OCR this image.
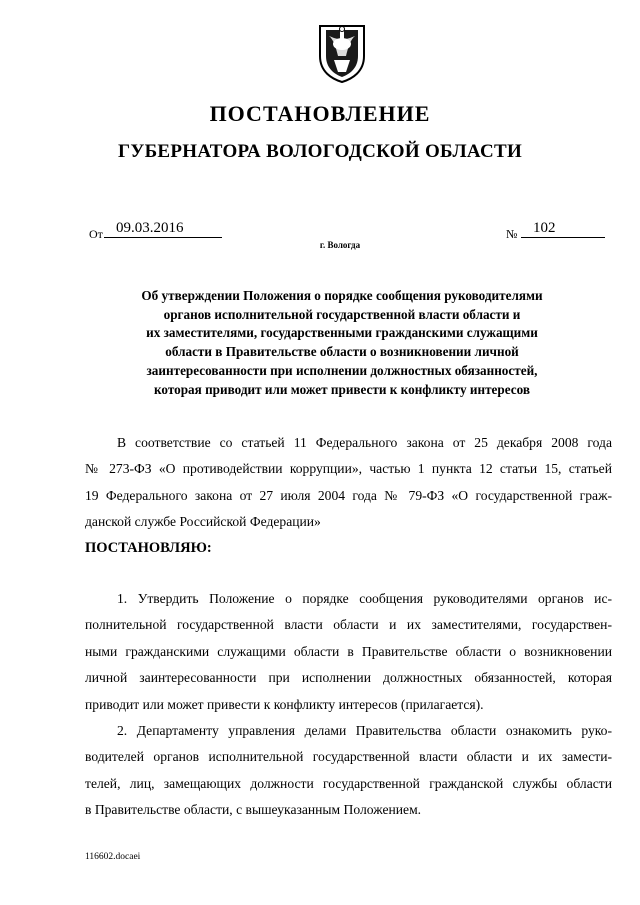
ПОСТАНОВЛЕНИЕ
ГУБЕРНАТОРА ВОЛОГОДСКОЙ ОБЛАСТИ
От 09.03.2016	№	102
г. Вологда
Об утверждении Положения о порядке сообщения руководителями
органов исполнительной государственной власти области и
их заместителями, государственными гражданскими служащими
области в Правительстве области о возникновении личной
заинтересованности при исполнении должностных обязанностей,
которая приводит или может привести к конфликту интересов
В соответствие со статьей 11 Федерального закона от 25 декабря 2008 года
№ 273-ФЗ «О противодействии коррупции», частью 1 пункта 12 статьи 15, статьей
19 Федерального закона от 27 июля 2004 года № 79-ФЗ «О государственной граж-
данской службе Российской Федерации»
ПОСТАНОВЛЯЮ:
1. Утвердить Положение о порядке сообщения руководителями органов ис-
полнительной государственной власти области и их заместителями, государствен-
ными гражданскими служащими области в Правительстве области о возникновении
личной заинтересованности при исполнении должностных обязанностей, которая
приводит или может привести к конфликту интересов (прилагается).
2. Департаменту управления делами Правительства области ознакомить руко-
водителей органов исполнительной государственной власти области и их замести-
телей, лиц, замещающих должности государственной гражданской службы области
в Правительстве области, с вышеуказанным Положением.
116602.docaei
